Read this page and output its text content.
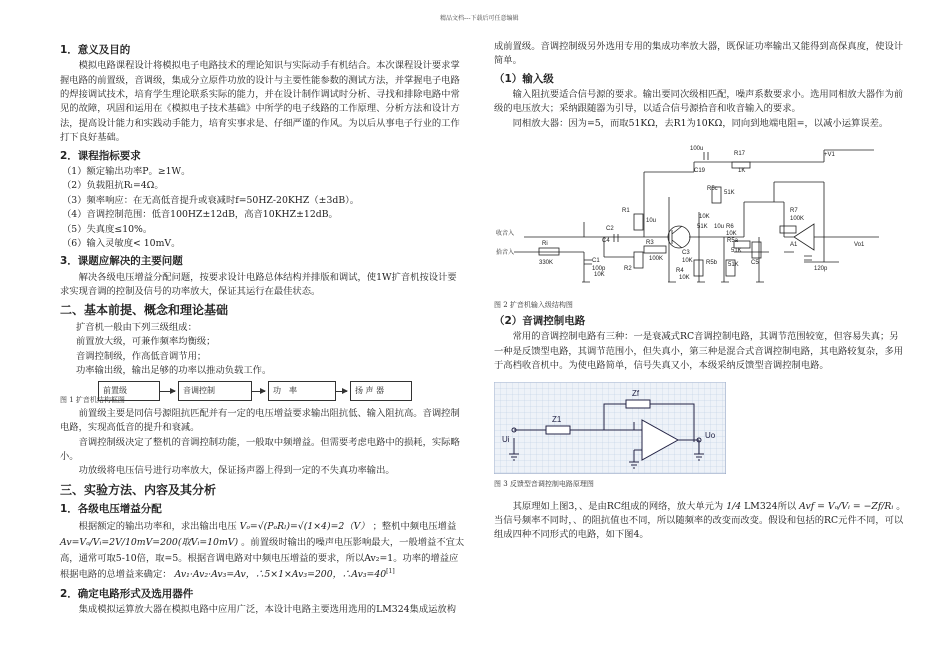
精品文档---下载后可任意编辑
1．意义及目的

模拟电路课程设计将模拟电子电路技术的理论知识与实际动手有机结合。本次课程设计要求掌握电路的前置级，音调级，集成分立原件功放的设计与主要性能参数的测试方法，并掌握电子电路的焊接调试技术，培育学生理论联系实际的能力，并在设计制作调试时分析、寻找和排除电路中常见的故障，巩固和运用在《模拟电子技术基础》中所学的电子线路的工作原理、分析方法和设计方法，提高设计能力和实践动手能力，培育实事求是、仔细严谨的作风。为以后从事电子行业的工作打下良好基础。

2．课程指标要求

（1）额定输出功率P。≥1W。

（2）负载阻抗Rₗ=4Ω。

（3）频率响应：在无高低音提升或衰减时f=50HZ-20KHZ（±3dB）。

（4）音调控制范围：低音100HZ±12dB，高音10KHZ±12dB。

（5）失真度≤10%。

（6）输入灵敏度< 10mV。

3．课题应解决的主要问题

解决各级电压增益分配问题，按要求设计电路总体结构并排版和调试，使1W扩音机按设计要求实现音调的控制及信号的功率放大，保证其运行在最佳状态。

二、基本前提、概念和理论基础

扩音机一般由下列三级组成：

前置放大级，可兼作频率均衡级；

音调控制级，作高低音调节用；

功率输出级，输出足够的功率以推动负载工作。

前置级	音调控制	功　率	扬 声 器
图 1 扩音机结构框图

前置级主要是同信号源阻抗匹配并有一定的电压增益要求输出阻抗低、输入阻抗高。音调控制电路，实现高低音的提升和衰减。

音调控制级决定了整机的音调控制功能，一般取中频增益。但需要考虑电路中的损耗，实际略小。

功放级将电压信号进行功率放大，保证扬声器上得到一定的不失真功率输出。

三、实验方法、内容及其分析
1．各级电压增益分配

根据额定的输出功率和，求出输出电压 Vₒ=√(PₒRₗ)=√(1×4)=2（V） ；整机中频电压增益 Av=Vₒ/Vᵢ=2V/10mV=200(取Vᵢ=10mV) 。前置级时输出的噪声电压影响最大，一般增益不宜太高，通常可取5-10倍，取=5。根据音调电路对中频电压增益的要求，所以Av₂=1。功率的增益应根据电路的总增益来确定： Av₁·Av₂·Av₃=Av，∴5×1×Av₃=200，∴Av₃=40[1]

2．确定电路形式及选用器件

集成模拟运算放大器在模拟电路中应用广泛，本设计电路主要选用选用的LM324集成运放构

成前置级。音调控制级另外选用专用的集成功率放大器，既保证功率输出又能得到高保真度，使设计简单。

（1）输入级

输入阻抗要适合信号源的要求。输出要同次级相匹配，噪声系数要求小。选用同相放大器作为前级的电压放大；采纳跟随器为引导，以适合信号源拾音和收音输入的要求。

同相放大器：因为=5，而取51KΩ，去R1为10KΩ，同向到地端电阻=，以减小运算误差。

收音入
拾音入
Ri
330K	C1
100p
C2
C4
R1
10u
R3
100K
R2	R4
10K
100u
C19
R17
1K
+V1
R5c
51K
10K
51K	R6
10K
R5a
51K
C3
10K R5b 51K C5
R7
100K
A1
10u
Vo1
120p
10K

图 2 扩音机输入级结构图

（2）音调控制电路

常用的音调控制电路有三种：一是衰减式RC音调控制电路，其调节范围较宽，但容易失真；另一种是反馈型电路，其调节范围小，但失真小，第三种是混合式音调控制电路，其电路较复杂，多用于高档收音机中。为使电路简单，信号失真又小，本级采纳反馈型音调控制电路。

Z1
Zf
Ui	Uo

图 3 反馈型音调控制电路原理图

其原理如上图3，、是由RC组成的网络，放大单元为 1/4 LM324所以 Avf = Vₒ/Vᵢ = −Zf/Rᵢ 。当信号频率不同时，、的阻抗值也不同，所以随频率的改变而改变。假设和包括的RC元件不同，可以组成四种不同形式的电路，如下图4。
